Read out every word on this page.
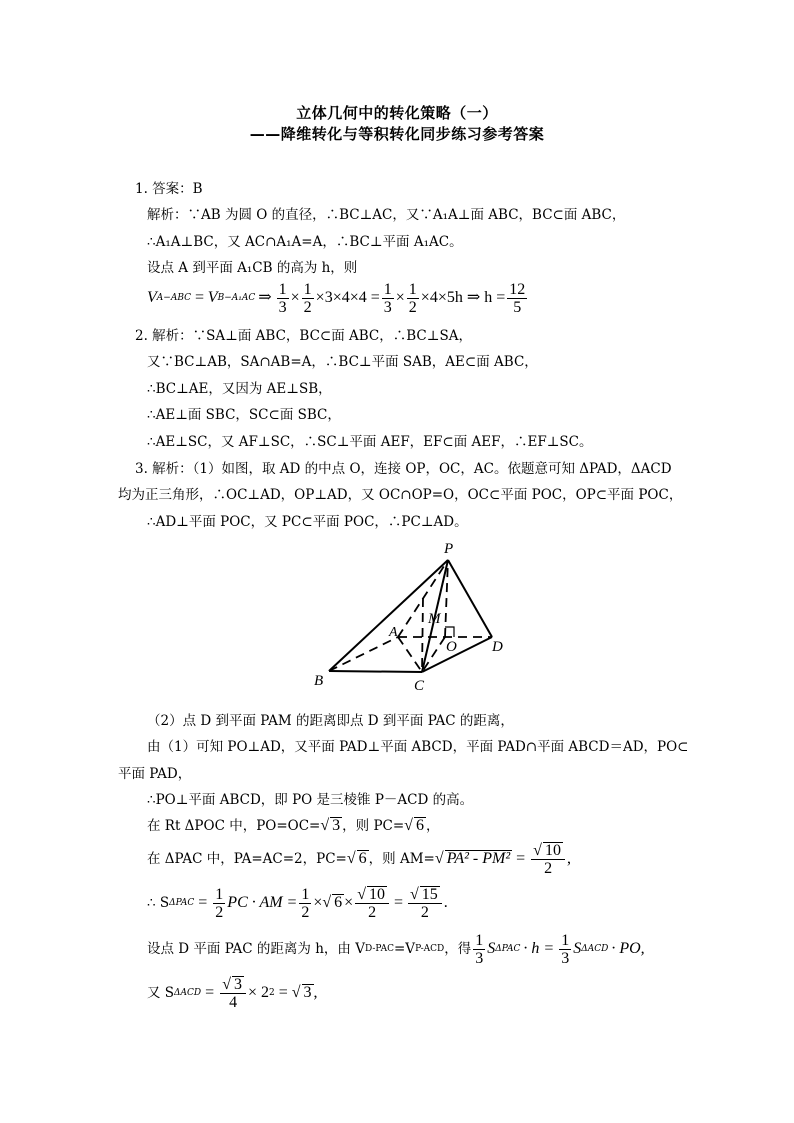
立体几何中的转化策略（一）
——降维转化与等积转化同步练习参考答案
1. 答案：B
解析：∵AB 为圆 O 的直径，∴BC⊥AC，又∵A₁A⊥面 ABC，BC⊂面 ABC，
∴A₁A⊥BC，又 AC∩A₁A=A，∴BC⊥平面 A₁AC。
设点 A 到平面 A₁CB 的高为 h，则
V A−ABC = V B−A₁AC ⇒ $\frac{1}{3} \times \frac{1}{2} \times 3\times 4\times 4 = \frac{1}{3} \times \frac{1}{2} \times 4\times 5h$ ⇒ $h = \frac{12}{5}$
2. 解析：∵SA⊥面 ABC，BC⊂面 ABC，∴BC⊥SA，
又∵BC⊥AB，SA∩AB=A，∴BC⊥平面 SAB，AE⊂面 ABC，
∴BC⊥AE，又因为 AE⊥SB，
∴AE⊥面 SBC，SC⊂面 SBC，
∴AE⊥SC，又 AF⊥SC，∴SC⊥平面 AEF，EF⊂面 AEF，∴EF⊥SC。
3. 解析：（1）如图，取 AD 的中点 O，连接 OP，OC，AC。依题意可知 ΔPAD，ΔACD
均为正三角形，∴OC⊥AD，OP⊥AD，又 OC∩OP=O，OC⊂平面 POC，OP⊂平面 POC，
∴AD⊥平面 POC，又 PC⊂平面 POC，∴PC⊥AD。
P
M
A
O D
B	C
（2）点 D 到平面 PAM 的距离即点 D 到平面 PAC 的距离，
由（1）可知 PO⊥AD，又平面 PAD⊥平面 ABCD，平面 PAD∩平面 ABCD＝AD，PO⊂
平面 PAD，
∴PO⊥平面 ABCD，即 PO 是三棱锥 P－ACD 的高。
在 Rt ΔPOC 中，PO=OC= √ 3 ，则 PC= √ 6 ，
在 ΔPAC 中，PA=AC=2，PC= √ 6 ，则 AM= √ $PA^2 - PM^2 = \frac{√ 10}{2}$ ,
∴ S $\Delta PAC = \frac{1}{2}$ PC · AM = $\frac{1}{2}$ × √ $6 \times \frac{√ 10}{2} = \frac{√ 15}{2}$ .
设点 D 平面 PAC 的距离为 h，由 V D-PAC =V P-ACD ，得 $\frac{1}{3}$ S $\Delta PAC \cdot h = \frac{1}{3}$ S ΔACD · PO,
又 S $\Delta ACD = \frac{√ 3}{4} \times 2$ 2 = √ 3 ,
